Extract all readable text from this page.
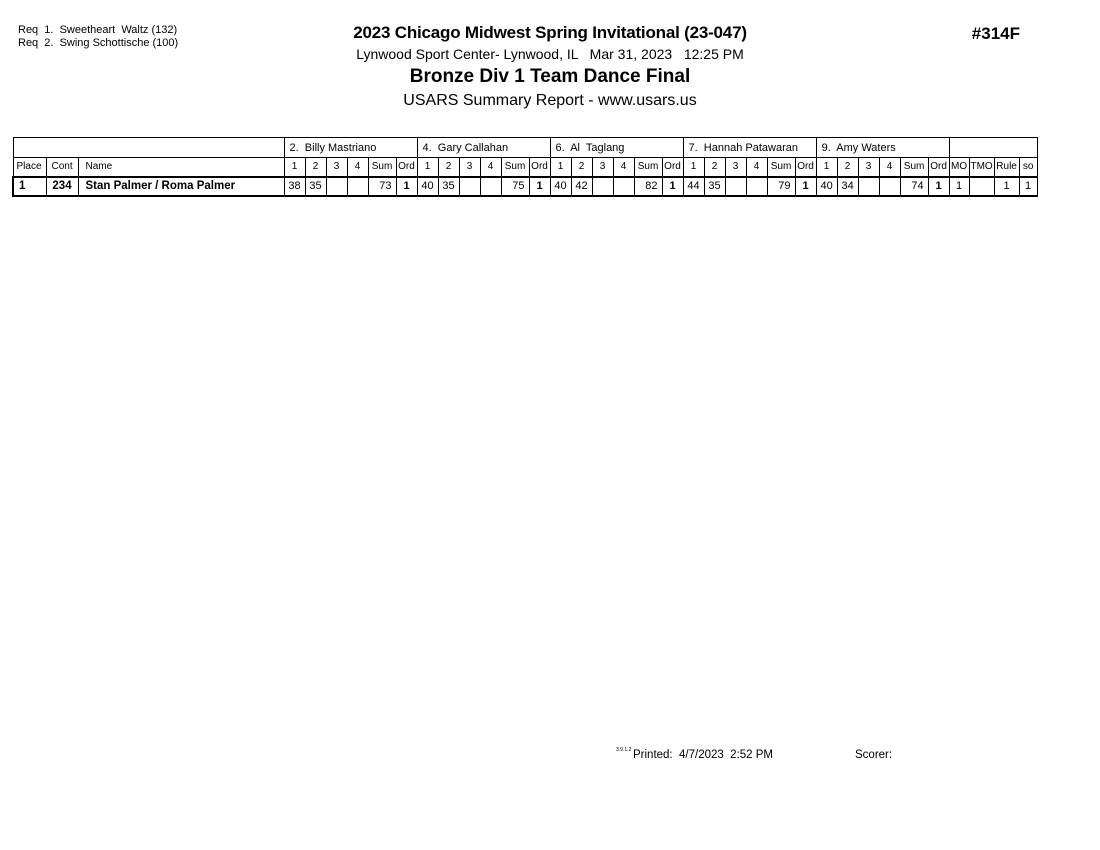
Req  1.  Sweetheart  Waltz (132)
Req  2.  Swing Schottische (100)
2023 Chicago Midwest Spring Invitational (23-047)
Lynwood Sport Center- Lynwood, IL   Mar 31, 2023   12:25 PM
Bronze Div 1 Team Dance Final
USARS Summary Report - www.usars.us
#314F
			2.  Billy Mastriano						4.  Gary Callahan						6.  Al  Taglang						7.  Hannah Patawaran						9.  Amy Waters									
Place	Cont	Name	1	2	3	4	Sum	Ord	1	2	3	4	Sum	Ord	1	2	3	4	Sum	Ord	1	2	3	4	Sum	Ord	1	2	3	4	Sum	Ord	MO	TMO	Rule	so
1	234	Stan Palmer / Roma Palmer	38	35			73	1	40	35			75	1	40	42			82	1	44	35			79	1	40	34			74	1	1		1	1
3.9.1.2 Printed:  4/7/2023  2:52 PM	Scorer:
